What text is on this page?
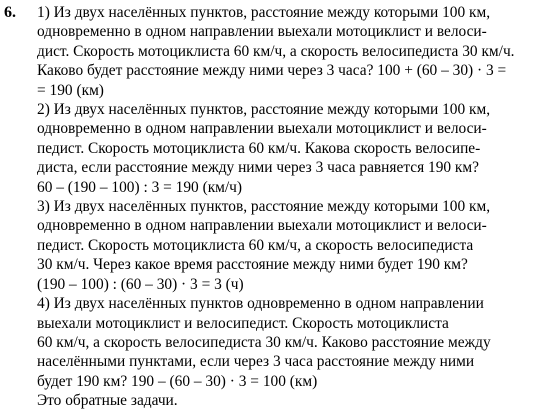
6. 1) Из двух населённых пунктов, расстояние между которыми 100 км,
одновременно в одном направлении выехали мотоциклист и велоси-
дист. Скорость мотоциклиста 60 км/ч, а скорость велосипедиста 30 км/ч.
Каково будет расстояние между ними через 3 часа? 100 + (60 – 30) · 3 =
= 190 (км)
2) Из двух населённых пунктов, расстояние между которыми 100 км,
одновременно в одном направлении выехали мотоциклист и велоси-
педист. Скорость мотоциклиста 60 км/ч. Какова скорость велосипе-
диста, если расстояние между ними через 3 часа равняется 190 км?
60 – (190 – 100) : 3 = 190 (км/ч)
3) Из двух населённых пунктов, расстояние между которыми 100 км,
одновременно в одном направлении выехали мотоциклист и велоси-
педист. Скорость мотоциклиста 60 км/ч, а скорость велосипедиста
30 км/ч. Через какое время расстояние между ними будет 190 км?
(190 – 100) : (60 – 30) · 3 = 3 (ч)
4) Из двух населённых пунктов одновременно в одном направлении
выехали мотоциклист и велосипедист. Скорость мотоциклиста
60 км/ч, а скорость велосипедиста 30 км/ч. Каково расстояние между
населёнными пунктами, если через 3 часа расстояние между ними
будет 190 км? 190 – (60 – 30) · 3 = 100 (км)
Это обратные задачи.
